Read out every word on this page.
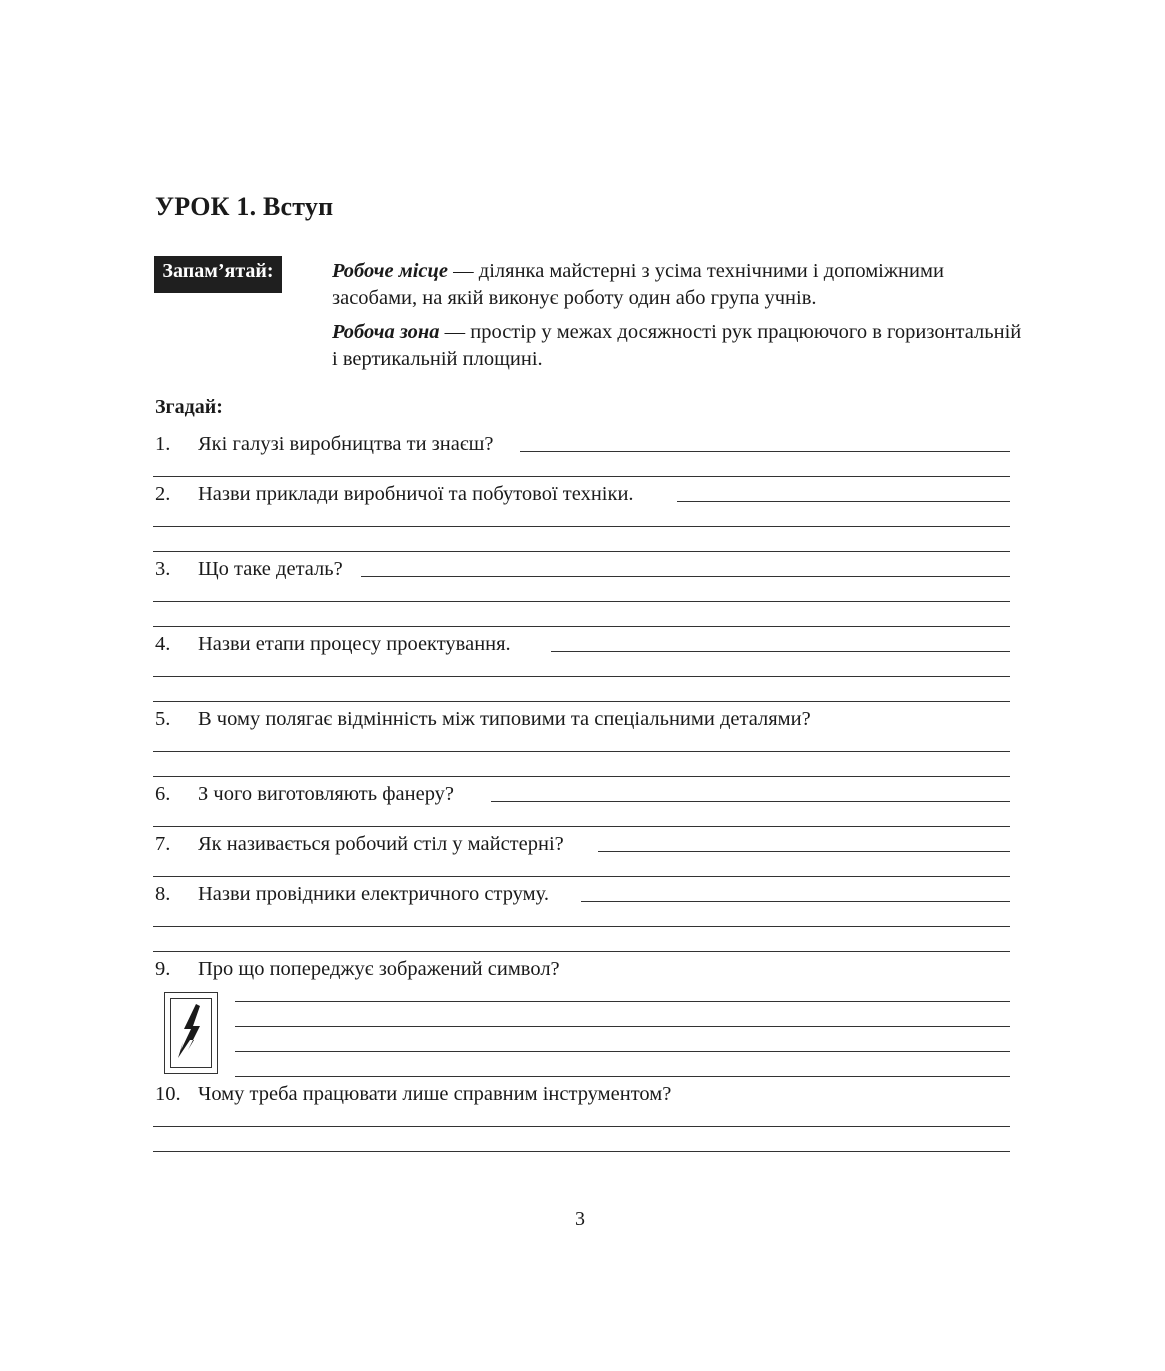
УРОК 1. Вступ
Запам’ятай:	Робоче місце — ділянка майстерні з усіма технічними і допоміжними засобами, на якій виконує роботу один або група учнів.
Робоча зона — простір у межах досяжності рук працюючого в горизонтальній і вертикальній площині.
Згадай:
1. Які галузі виробництва ти знаєш?
2. Назви приклади виробничої та побутової техніки.
3. Що таке деталь?
4. Назви етапи процесу проектування.
5. В чому полягає відмінність між типовими та спеціальними деталями?
6. З чого виготовляють фанеру?
7. Як називається робочий стіл у майстерні?
8. Назви провідники електричного струму.
9. Про що попереджує зображений символ?
10. Чому треба працювати лише справним інструментом?
3
